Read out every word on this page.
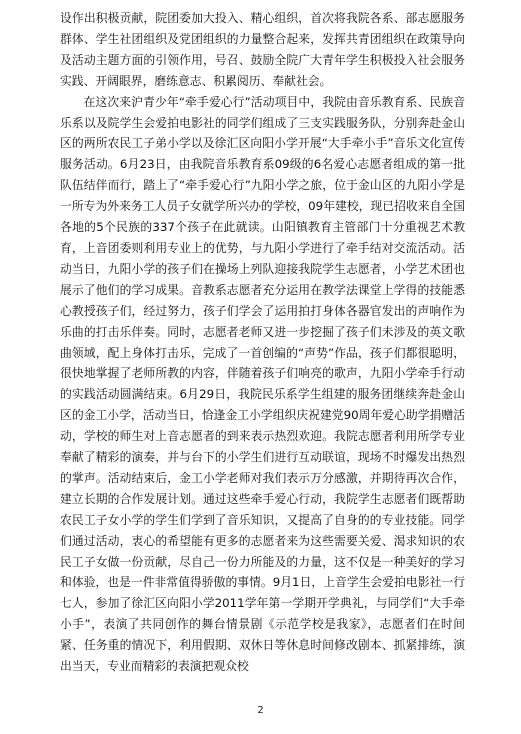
设作出积极贡献，院团委加大投入、精心组织，首次将我院各系、部志愿服务群体、学生社团组织及党团组织的力量整合起来，发挥共青团组织在政策导向及活动主题方面的引领作用，号召、鼓励全院广大青年学生积极投入社会服务实践、开阔眼界，磨练意志、积累阅历、奉献社会。

在这次来沪青少年“牵手爱心行”活动项目中，我院由音乐教育系、民族音乐系以及院学生会爱拍电影社的同学们组成了三支实践服务队，分别奔赴金山区的两所农民工子弟小学以及徐汇区向阳小学开展“大手牵小手”音乐文化宣传服务活动。6月23日，由我院音乐教育系09级的6名爱心志愿者组成的第一批队伍结伴而行，踏上了“牵手爱心行”九阳小学之旅，位于金山区的九阳小学是一所专为外来务工人员子女就学所兴办的学校，09年建校，现已招收来自全国各地的5个民族的337个孩子在此就读。山阳镇教育主管部门十分重视艺术教育，上音团委则利用专业上的优势，与九阳小学进行了牵手结对交流活动。活动当日，九阳小学的孩子们在操场上列队迎接我院学生志愿者，小学艺术团也展示了他们的学习成果。音教系志愿者充分运用在教学法课堂上学得的技能悉心教授孩子们，经过努力，孩子们学会了运用拍打身体各器官发出的声响作为乐曲的打击乐伴奏。同时，志愿者老师又进一步挖掘了孩子们未涉及的英文歌曲领域，配上身体打击乐，完成了一首创编的“声势”作品，孩子们都很聪明，很快地掌握了老师所教的内容，伴随着孩子们响亮的歌声，九阳小学牵手行动的实践活动圆满结束。6月29日，我院民乐系学生组建的服务团继续奔赴金山区的金工小学，活动当日，恰逢金工小学组织庆祝建党90周年爱心助学捐赠活动，学校的师生对上音志愿者的到来表示热烈欢迎。我院志愿者利用所学专业奉献了精彩的演奏，并与台下的小学生们进行互动联谊，现场不时爆发出热烈的掌声。活动结束后，金工小学老师对我们表示万分感激，并期待再次合作，建立长期的合作发展计划。通过这些牵手爱心行动，我院学生志愿者们既帮助农民工子女小学的学生们学到了音乐知识，又提高了自身的的专业技能。同学们通过活动，衷心的希望能有更多的志愿者来为这些需要关爱、渴求知识的农民工子女做一份贡献，尽自己一份力所能及的力量，这不仅是一种美好的学习和体验，也是一件非常值得骄傲的事情。9月1日，上音学生会爱拍电影社一行七人，参加了徐汇区向阳小学2011学年第一学期开学典礼，与同学们“大手牵小手”，表演了共同创作的舞台情景剧《示范学校是我家》，志愿者们在时间紧、任务重的情况下，利用假期、双休日等休息时间修改剧本、抓紧排练，演出当天，专业而精彩的表演把观众校

2
